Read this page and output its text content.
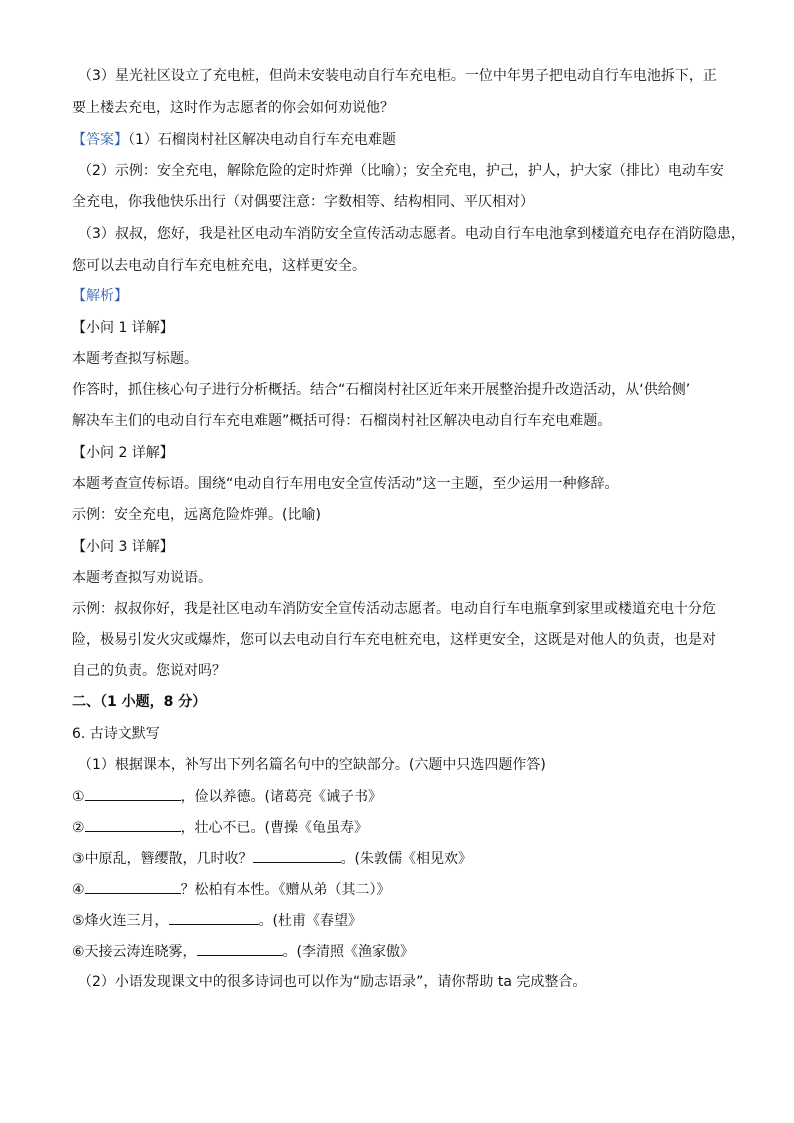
（3）星光社区设立了充电桩，但尚未安装电动自行车充电柜。一位中年男子把电动自行车电池拆下，正
要上楼去充电，这时作为志愿者的你会如何劝说他？
【答案】（1）石榴岗村社区解决电动自行车充电难题
（2）示例：安全充电，解除危险的定时炸弹（比喻）；安全充电，护己，护人，护大家（排比）电动车安
全充电，你我他快乐出行（对偶要注意：字数相等、结构相同、平仄相对）
（3）叔叔，您好，我是社区电动车消防安全宣传活动志愿者。电动自行车电池拿到楼道充电存在消防隐患，
您可以去电动自行车充电桩充电，这样更安全。
【解析】
【小问 1 详解】
本题考查拟写标题。
作答时，抓住核心句子进行分析概括。结合“石榴岗村社区近年来开展整治提升改造活动，从‘供给侧’
解决车主们的电动自行车充电难题”概括可得：石榴岗村社区解决电动自行车充电难题。
【小问 2 详解】
本题考查宣传标语。围绕“电动自行车用电安全宣传活动”这一主题，至少运用一种修辞。
示例：安全充电，远离危险炸弹。(比喻)
【小问 3 详解】
本题考查拟写劝说语。
示例：叔叔你好，我是社区电动车消防安全宣传活动志愿者。电动自行车电瓶拿到家里或楼道充电十分危
险，极易引发火灾或爆炸，您可以去电动自行车充电桩充电，这样更安全，这既是对他人的负责，也是对
自己的负责。您说对吗？
二、（1 小题，8 分）
6. 古诗文默写
（1）根据课本，补写出下列名篇名句中的空缺部分。(六题中只选四题作答)
①	，俭以养德。(诸葛亮《诫子书》
②	，壮心不已。(曹操《龟虽寿》
③中原乱，簪缨散，几时收？	。(朱敦儒《相见欢》
④	？松柏有本性。《赠从弟（其二）》
⑤烽火连三月，	。(杜甫《春望》
⑥天接云涛连晓雾，	。(李清照《渔家傲》
（2）小语发现课文中的很多诗词也可以作为“励志语录”，请你帮助 ta 完成整合。
